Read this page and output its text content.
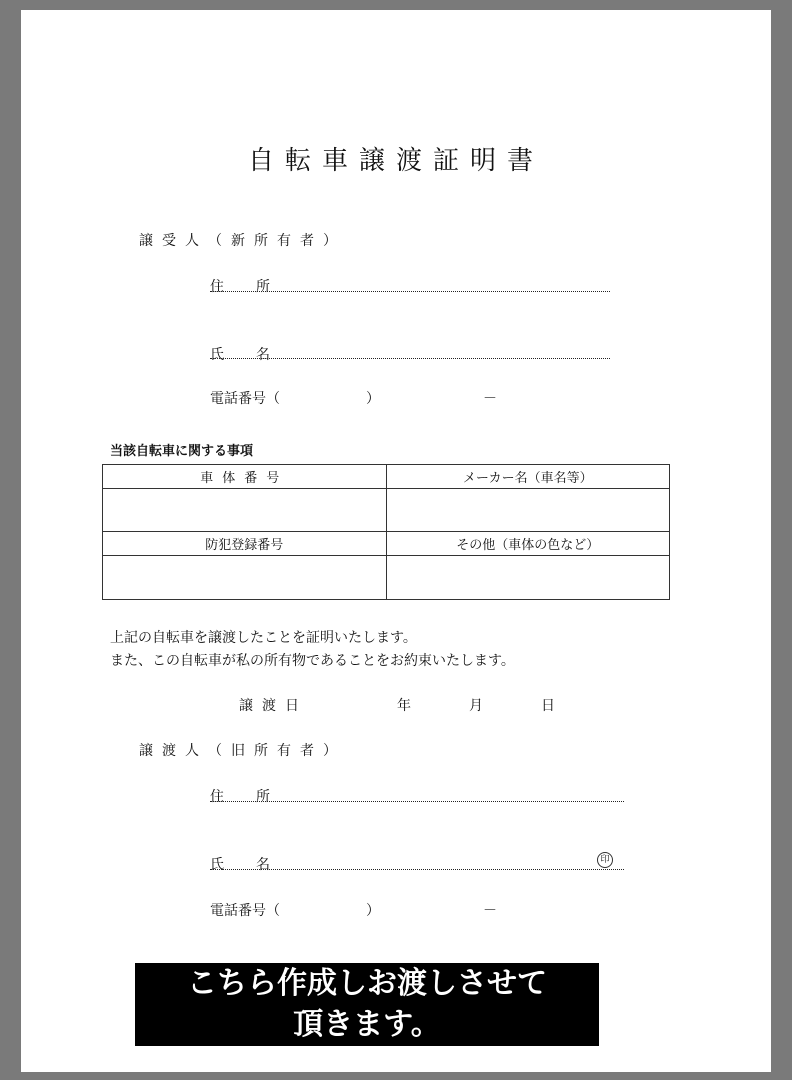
自転車譲渡証明書
譲受人（新所有者）
住　所
氏　名
電話番号（	）	－
当該自転車に関する事項
車体番号	メーカー名（車名等）

防犯登録番号	その他（車体の色など）

上記の自転車を譲渡したことを証明いたします。
また、この自転車が私の所有物であることをお約束いたします。
譲渡日	年	月	日
譲渡人（旧所有者）
住　所
氏　名	印
電話番号（	）	－
こちら作成しお渡しさせて
頂きます。
